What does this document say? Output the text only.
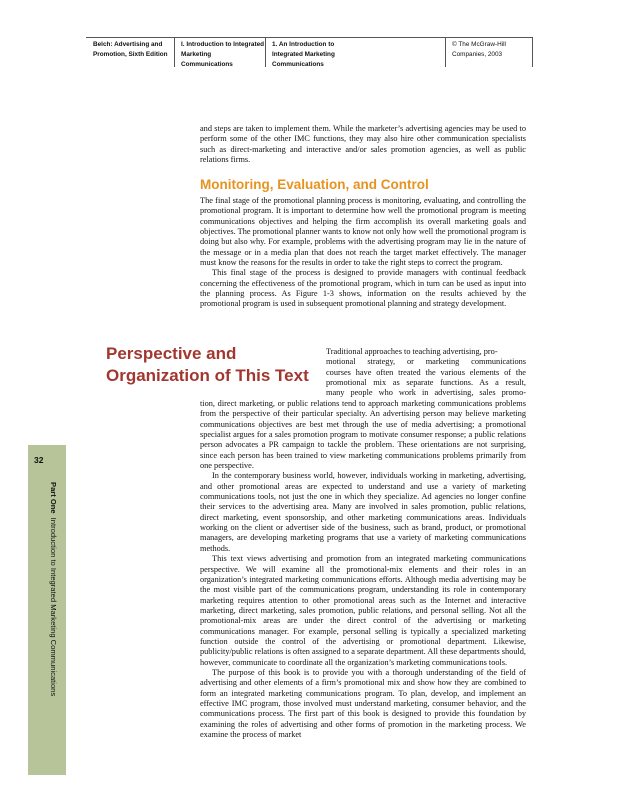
Belch: Advertising and
Promotion, Sixth Edition
I. Introduction to Integrated
Marketing
Communications
1. An Introduction to
Integrated Marketing
Communications
© The McGraw-Hill
Companies, 2003

and steps are taken to implement them. While the marketer’s advertising agencies may be used to perform some of the other IMC functions, they may also hire other communication specialists such as direct-marketing and interactive and/or sales promotion agencies, as well as public relations firms.

Monitoring, Evaluation, and Control

The final stage of the promotional planning process is monitoring, evaluating, and controlling the promotional program. It is important to determine how well the promotional program is meeting communications objectives and helping the firm accomplish its overall marketing goals and objectives. The promotional planner wants to know not only how well the promotional program is doing but also why. For example, problems with the advertising program may lie in the nature of the message or in a media plan that does not reach the target market effectively. The manager must know the reasons for the results in order to take the right steps to correct the program.

This final stage of the process is designed to provide managers with continual feedback concerning the effectiveness of the promotional program, which in turn can be used as input into the planning process. As Figure 1-3 shows, information on the results achieved by the promotional program is used in subsequent promotional planning and strategy development.

Perspective and Organization of This Text
Traditional approaches to teaching advertising, pro-
motional strategy, or marketing communications
courses have often treated the various elements of the
promotional mix as separate functions. As a result,
many people who work in advertising, sales promo-

tion, direct marketing, or public relations tend to approach marketing communications problems from the perspective of their particular specialty. An advertising person may believe marketing communications objectives are best met through the use of media advertising; a promotional specialist argues for a sales promotion program to motivate consumer response; a public relations person advocates a PR campaign to tackle the problem. These orientations are not surprising, since each person has been trained to view marketing communications problems primarily from one perspective.

In the contemporary business world, however, individuals working in marketing, advertising, and other promotional areas are expected to understand and use a variety of marketing communications tools, not just the one in which they specialize. Ad agencies no longer confine their services to the advertising area. Many are involved in sales promotion, public relations, direct marketing, event sponsorship, and other marketing communications areas. Individuals working on the client or advertiser side of the business, such as brand, product, or promotional managers, are developing marketing programs that use a variety of marketing communications methods.

This text views advertising and promotion from an integrated marketing communications perspective. We will examine all the promotional-mix elements and their roles in an organization’s integrated marketing communications efforts. Although media advertising may be the most visible part of the communications program, understanding its role in contemporary marketing requires attention to other promotional areas such as the Internet and interactive marketing, direct marketing, sales promotion, public relations, and personal selling. Not all the promotional-mix areas are under the direct control of the advertising or marketing communications manager. For example, personal selling is typically a specialized marketing function outside the control of the advertising or promotional department. Likewise, publicity/public relations is often assigned to a separate department. All these departments should, however, communicate to coordinate all the organization’s marketing communications tools.

The purpose of this book is to provide you with a thorough understanding of the field of advertising and other elements of a firm’s promotional mix and show how they are combined to form an integrated marketing communications program. To plan, develop, and implement an effective IMC program, those involved must understand marketing, consumer behavior, and the communications process. The first part of this book is designed to provide this foundation by examining the roles of advertising and other forms of promotion in the marketing process. We examine the process of market

32
Part OneIntroduction to Integrated Marketing Communications
